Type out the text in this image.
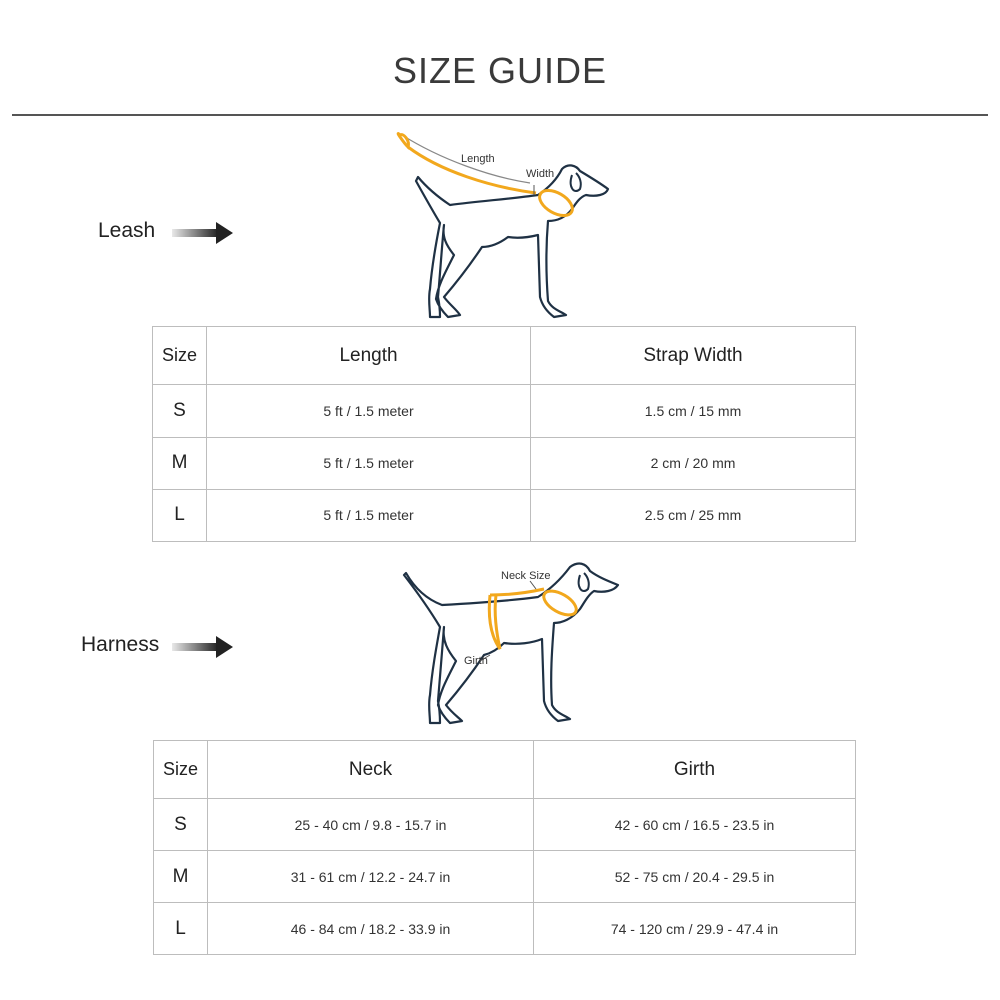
SIZE GUIDE
Leash
Length
Width
Size	Length	Strap Width
S	5 ft / 1.5 meter	1.5 cm / 15 mm
M	5 ft / 1.5 meter	2 cm / 20 mm
L	5 ft / 1.5 meter	2.5 cm / 25 mm
Harness
Neck Size
Girth
Size	Neck	Girth
S	25 - 40 cm / 9.8 - 15.7 in	42 - 60 cm / 16.5 - 23.5 in
M	31 - 61 cm / 12.2 - 24.7 in	52 - 75 cm / 20.4 - 29.5 in
L	46 - 84 cm / 18.2 - 33.9 in	74 - 120 cm / 29.9 - 47.4 in
